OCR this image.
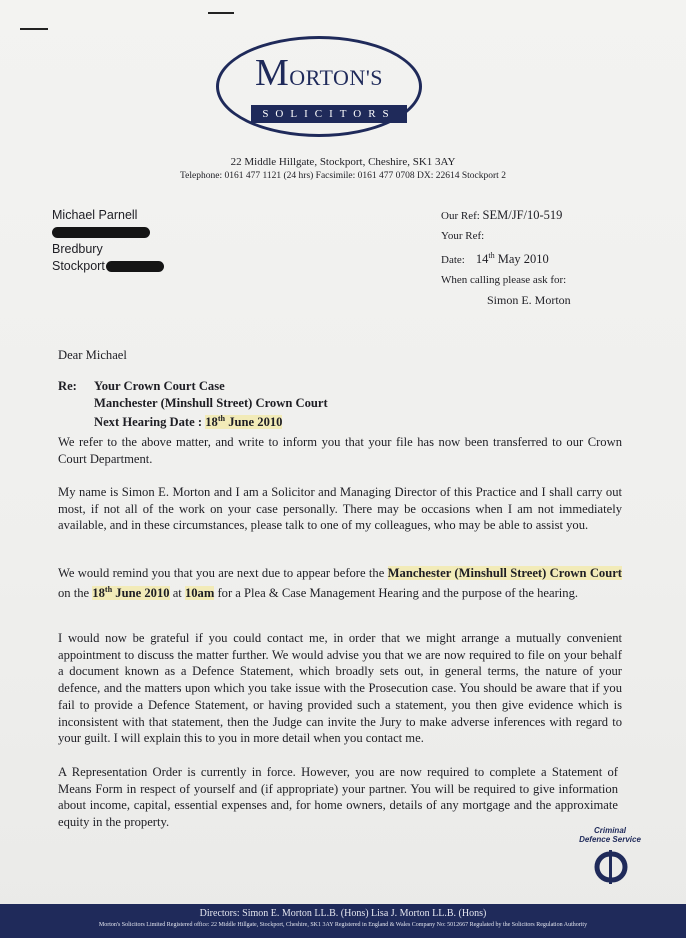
MORTON'S
SOLICITORS
22 Middle Hillgate, Stockport, Cheshire, SK1 3AY
Telephone: 0161 477 1121 (24 hrs) Facsimile: 0161 477 0708 DX: 22614 Stockport 2
Michael Parnell
Bredbury
Stockport
Our Ref: SEM/JF/10-519
Your Ref:
Date: 14th May 2010
When calling please ask for:
Simon E. Morton
Dear Michael
Re: Your Crown Court Case
Manchester (Minshull Street) Crown Court
Next Hearing Date : 18th June 2010
We refer to the above matter, and write to inform you that your file has now been transferred to our Crown Court Department.
My name is Simon E. Morton and I am a Solicitor and Managing Director of this Practice and I shall carry out most, if not all of the work on your case personally. There may be occasions when I am not immediately available, and in these circumstances, please talk to one of my colleagues, who may be able to assist you.
We would remind you that you are next due to appear before the Manchester (Minshull Street) Crown Court on the 18th June 2010 at 10am for a Plea & Case Management Hearing and the purpose of the hearing.
I would now be grateful if you could contact me, in order that we might arrange a mutually convenient appointment to discuss the matter further. We would advise you that we are now required to file on your behalf a document known as a Defence Statement, which broadly sets out, in general terms, the nature of your defence, and the matters upon which you take issue with the Prosecution case. You should be aware that if you fail to provide a Defence Statement, or having provided such a statement, you then give evidence which is inconsistent with that statement, then the Judge can invite the Jury to make adverse inferences with regard to your guilt. I will explain this to you in more detail when you contact me.
A Representation Order is currently in force. However, you are now required to complete a Statement of Means Form in respect of yourself and (if appropriate) your partner. You will be required to give information about income, capital, essential expenses and, for home owners, details of any mortgage and the approximate equity in the property.
Criminal
Defence Service
Directors: Simon E. Morton LL.B. (Hons) Lisa J. Morton LL.B. (Hons)
Morton's Solicitors Limited Registered office: 22 Middle Hillgate, Stockport, Cheshire, SK1 3AY Registered in England & Wales Company No: 5012667 Regulated by the Solicitors Regulation Authority
